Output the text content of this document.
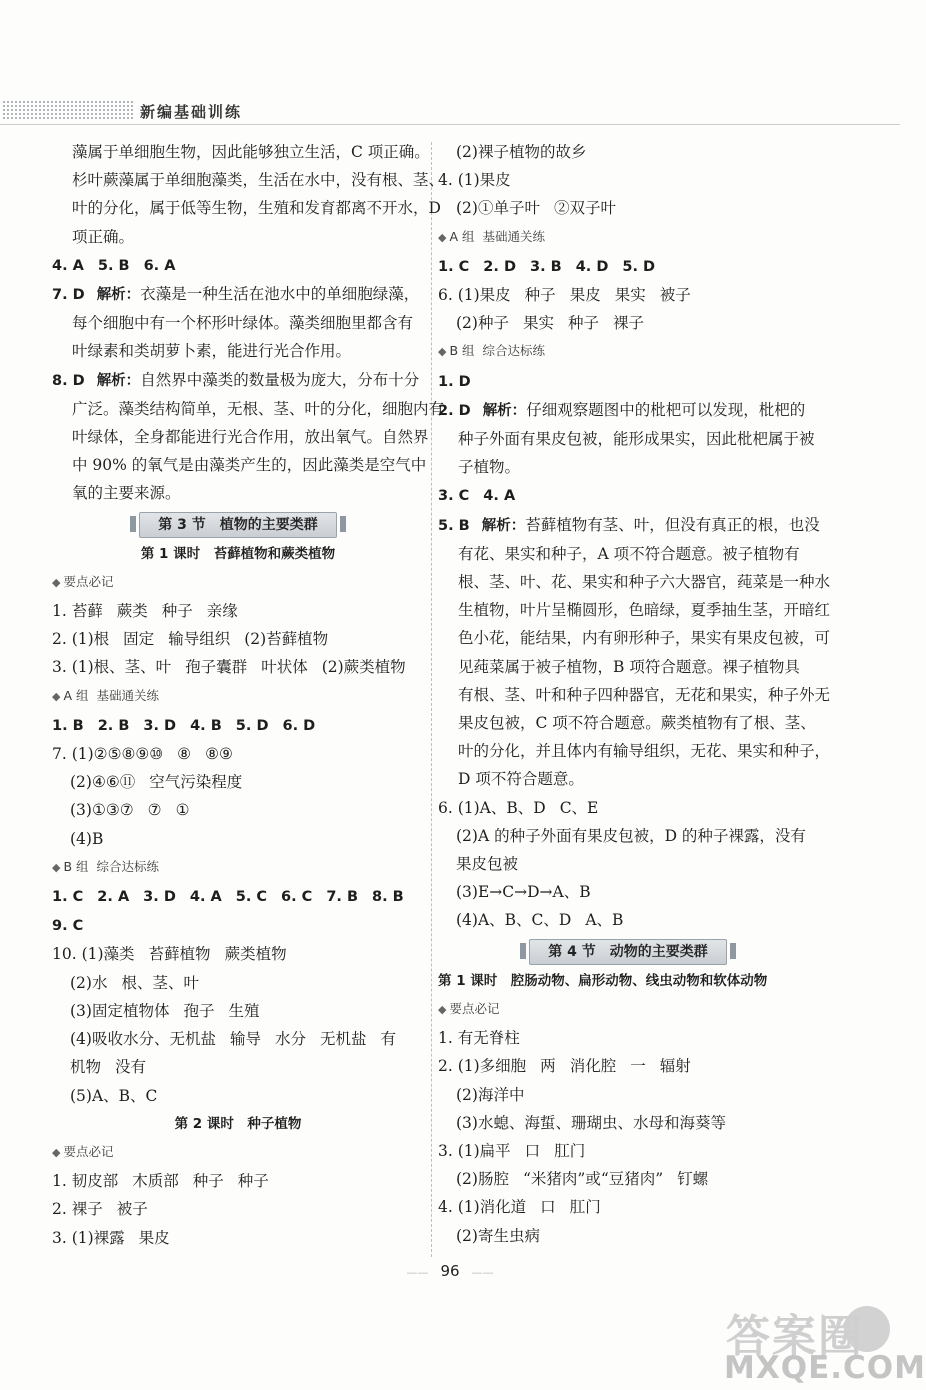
新编基础训练
藻属于单细胞生物，因此能够独立生活，C 项正确。
杉叶蕨藻属于单细胞藻类，生活在水中，没有根、茎、
叶的分化，属于低等生物，生殖和发育都离不开水，D
项正确。
4. A 5. B 6. A
7. D 解析：衣藻是一种生活在池水中的单细胞绿藻，
每个细胞中有一个杯形叶绿体。藻类细胞里都含有
叶绿素和类胡萝卜素，能进行光合作用。
8. D 解析：自然界中藻类的数量极为庞大，分布十分
广泛。藻类结构简单，无根、茎、叶的分化，细胞内有
叶绿体，全身都能进行光合作用，放出氧气。自然界
中 90% 的氧气是由藻类产生的，因此藻类是空气中
氧的主要来源。
第 3 节　植物的主要类群
第 1 课时　苔藓植物和蕨类植物
◆ 要点必记
1. 苔藓 蕨类 种子 亲缘
2. (1)根 固定 输导组织 (2)苔藓植物
3. (1)根、茎、叶 孢子囊群 叶状体 (2)蕨类植物
◆ A 组 基础通关练
1. B 2. B 3. D 4. B 5. D 6. D
7. (1)②⑤⑧⑨⑩ ⑧ ⑧⑨
(2)④⑥⑪ 空气污染程度
(3)①③⑦ ⑦ ①
(4)B
◆ B 组 综合达标练
1. C 2. A 3. D 4. A 5. C 6. C 7. B 8. B
9. C
10. (1)藻类 苔藓植物 蕨类植物
(2)水 根、茎、叶
(3)固定植物体 孢子 生殖
(4)吸收水分、无机盐 输导 水分 无机盐 有
机物 没有
(5)A、B、C
第 2 课时　种子植物
◆ 要点必记
1. 韧皮部 木质部 种子 种子
2. 裸子 被子
3. (1)裸露 果皮
(2)裸子植物的故乡
4. (1)果皮
(2)①单子叶 ②双子叶
◆ A 组 基础通关练
1. C 2. D 3. B 4. D 5. D
6. (1)果皮 种子 果皮 果实 被子
(2)种子 果实 种子 裸子
◆ B 组 综合达标练
1. D
2. D 解析：仔细观察题图中的枇杷可以发现，枇杷的
种子外面有果皮包被，能形成果实，因此枇杷属于被
子植物。
3. C 4. A
5. B 解析：苔藓植物有茎、叶，但没有真正的根，也没
有花、果实和种子，A 项不符合题意。被子植物有
根、茎、叶、花、果实和种子六大器官，莼菜是一种水
生植物，叶片呈椭圆形，色暗绿，夏季抽生茎，开暗红
色小花，能结果，内有卵形种子，果实有果皮包被，可
见莼菜属于被子植物，B 项符合题意。裸子植物具
有根、茎、叶和种子四种器官，无花和果实，种子外无
果皮包被，C 项不符合题意。蕨类植物有了根、茎、
叶的分化，并且体内有输导组织，无花、果实和种子，
D 项不符合题意。
6. (1)A、B、D C、E
(2)A 的种子外面有果皮包被，D 的种子裸露，没有
果皮包被
(3)E→C→D→A、B
(4)A、B、C、D A、B
第 4 节　动物的主要类群
第 1 课时　腔肠动物、扁形动物、线虫动物和软体动物
◆ 要点必记
1. 有无脊柱
2. (1)多细胞 两 消化腔 一 辐射
(2)海洋中
(3)水螅、海蜇、珊瑚虫、水母和海葵等
3. (1)扁平 口 肛门
(2)肠腔 “米猪肉”或“豆猪肉” 钉螺
4. (1)消化道 口 肛门
(2)寄生虫病
—— 96 ——
答案圈
MXQE.COM
